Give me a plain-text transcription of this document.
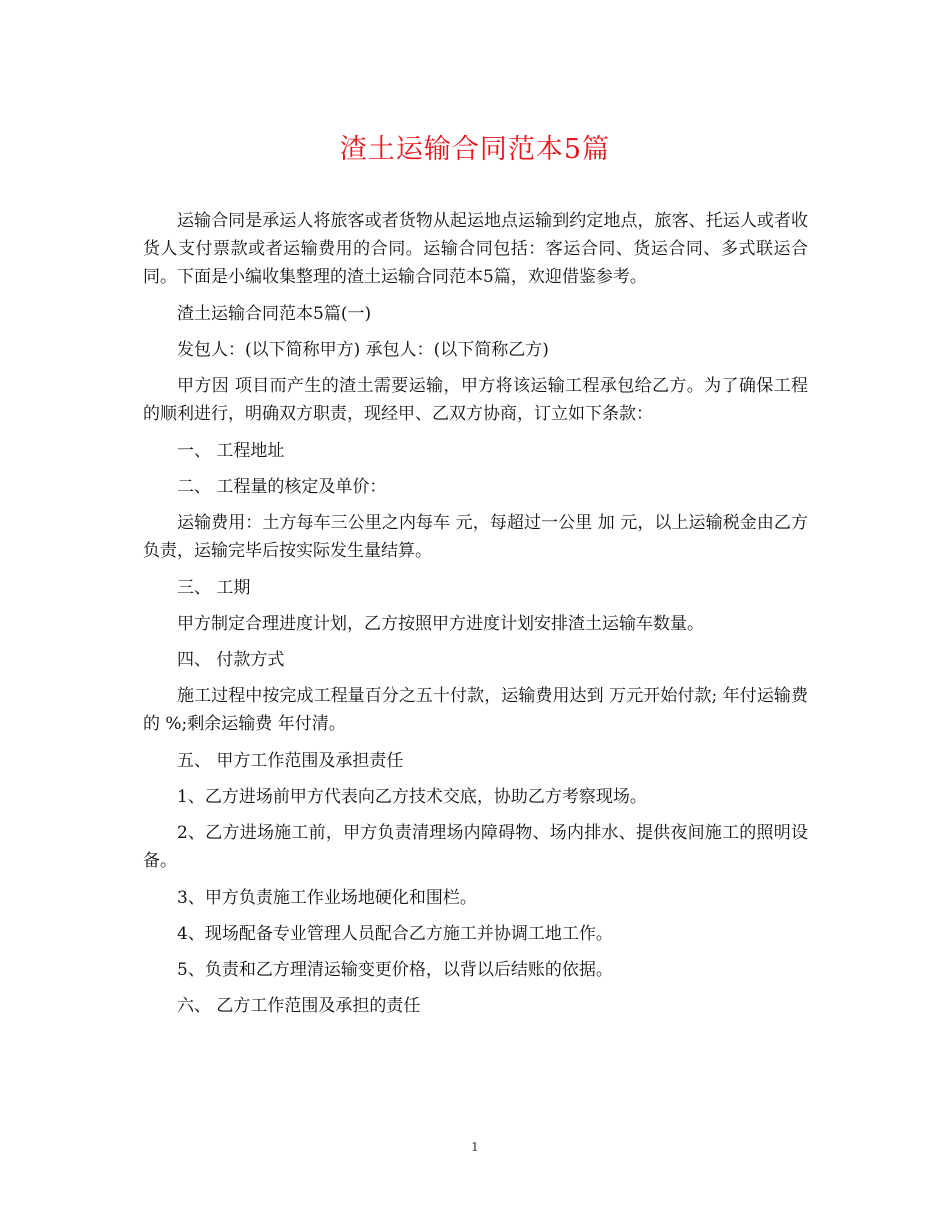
渣土运输合同范本5篇

运输合同是承运人将旅客或者货物从起运地点运输到约定地点，旅客、托运人或者收货人支付票款或者运输费用的合同。运输合同包括：客运合同、货运合同、多式联运合同。下面是小编收集整理的渣土运输合同范本5篇，欢迎借鉴参考。

渣土运输合同范本5篇(一)

发包人：(以下简称甲方) 承包人：(以下简称乙方)

甲方因 项目而产生的渣土需要运输，甲方将该运输工程承包给乙方。为了确保工程的顺利进行，明确双方职责，现经甲、乙双方协商，订立如下条款：

一、 工程地址

二、 工程量的核定及单价：

运输费用：土方每车三公里之内每车 元，每超过一公里 加 元，以上运输税金由乙方负责，运输完毕后按实际发生量结算。

三、 工期

甲方制定合理进度计划，乙方按照甲方进度计划安排渣土运输车数量。

四、 付款方式

施工过程中按完成工程量百分之五十付款，运输费用达到 万元开始付款; 年付运输费的 %;剩余运输费 年付清。

五、 甲方工作范围及承担责任

1、乙方进场前甲方代表向乙方技术交底，协助乙方考察现场。

2、乙方进场施工前，甲方负责清理场内障碍物、场内排水、提供夜间施工的照明设备。

3、甲方负责施工作业场地硬化和围栏。

4、现场配备专业管理人员配合乙方施工并协调工地工作。

5、负责和乙方理清运输变更价格，以背以后结账的依据。

六、 乙方工作范围及承担的责任

1
